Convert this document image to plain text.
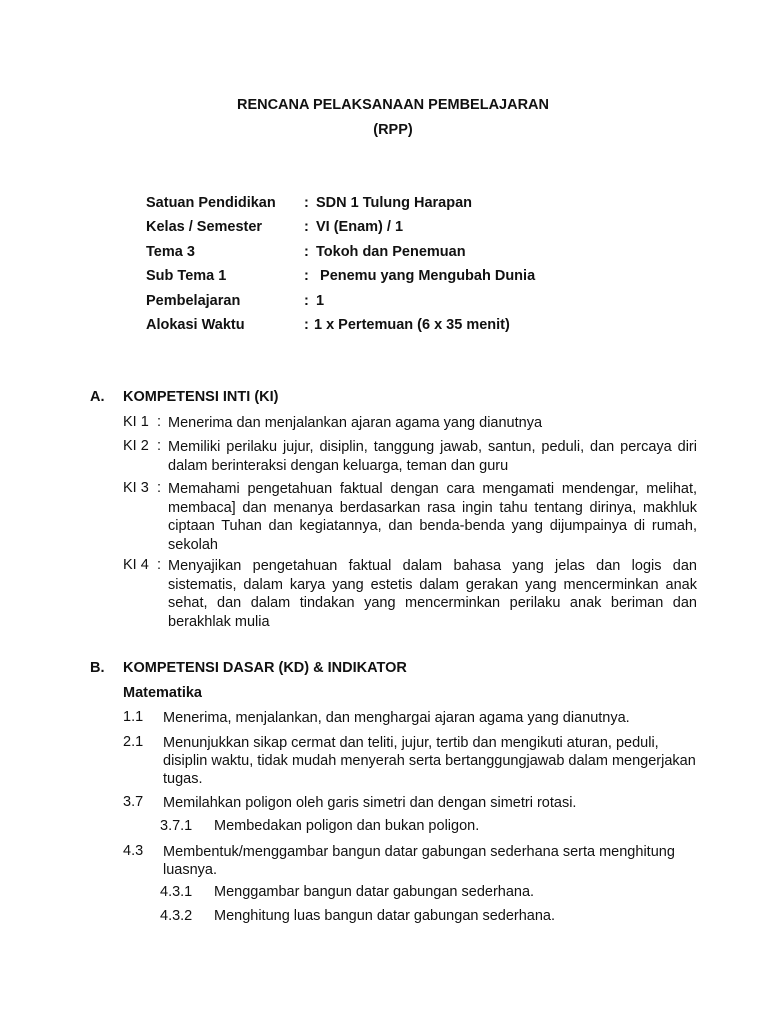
RENCANA PELAKSANAAN PEMBELAJARAN
(RPP)
Satuan Pendidikan : SDN 1 Tulung Harapan
Kelas / Semester	: VI (Enam) / 1
Tema 3	: Tokoh dan Penemuan
Sub Tema 1	: Penemu yang Mengubah Dunia
Pembelajaran	: 1
Alokasi Waktu	: 1 x Pertemuan (6 x 35 menit)
A. KOMPETENSI INTI (KI)
KI 1 : Menerima dan menjalankan ajaran agama yang dianutnya
KI 2 : Memiliki perilaku jujur, disiplin, tanggung jawab, santun, peduli, dan percaya diri dalam berinteraksi dengan keluarga, teman dan guru
KI 3 : Memahami pengetahuan faktual dengan cara mengamati mendengar, melihat, membaca] dan menanya berdasarkan rasa ingin tahu tentang dirinya, makhluk ciptaan Tuhan dan kegiatannya, dan benda-benda yang dijumpainya di rumah, sekolah
KI 4 : Menyajikan pengetahuan faktual dalam bahasa yang jelas dan logis dan sistematis, dalam karya yang estetis dalam gerakan yang mencerminkan anak sehat, dan dalam tindakan yang mencerminkan perilaku anak beriman dan berakhlak mulia
B. KOMPETENSI DASAR (KD) & INDIKATOR
Matematika
1.1 Menerima, menjalankan, dan menghargai ajaran agama yang dianutnya.
2.1 Menunjukkan sikap cermat dan teliti, jujur, tertib dan mengikuti aturan, peduli, disiplin waktu, tidak mudah menyerah serta bertanggungjawab dalam mengerjakan tugas.
3.7 Memilahkan poligon oleh garis simetri dan dengan simetri rotasi.
3.7.1 Membedakan poligon dan bukan poligon.
4.3 Membentuk/menggambar bangun datar gabungan sederhana serta menghitung luasnya.
4.3.1 Menggambar bangun datar gabungan sederhana.
4.3.2 Menghitung luas bangun datar gabungan sederhana.
